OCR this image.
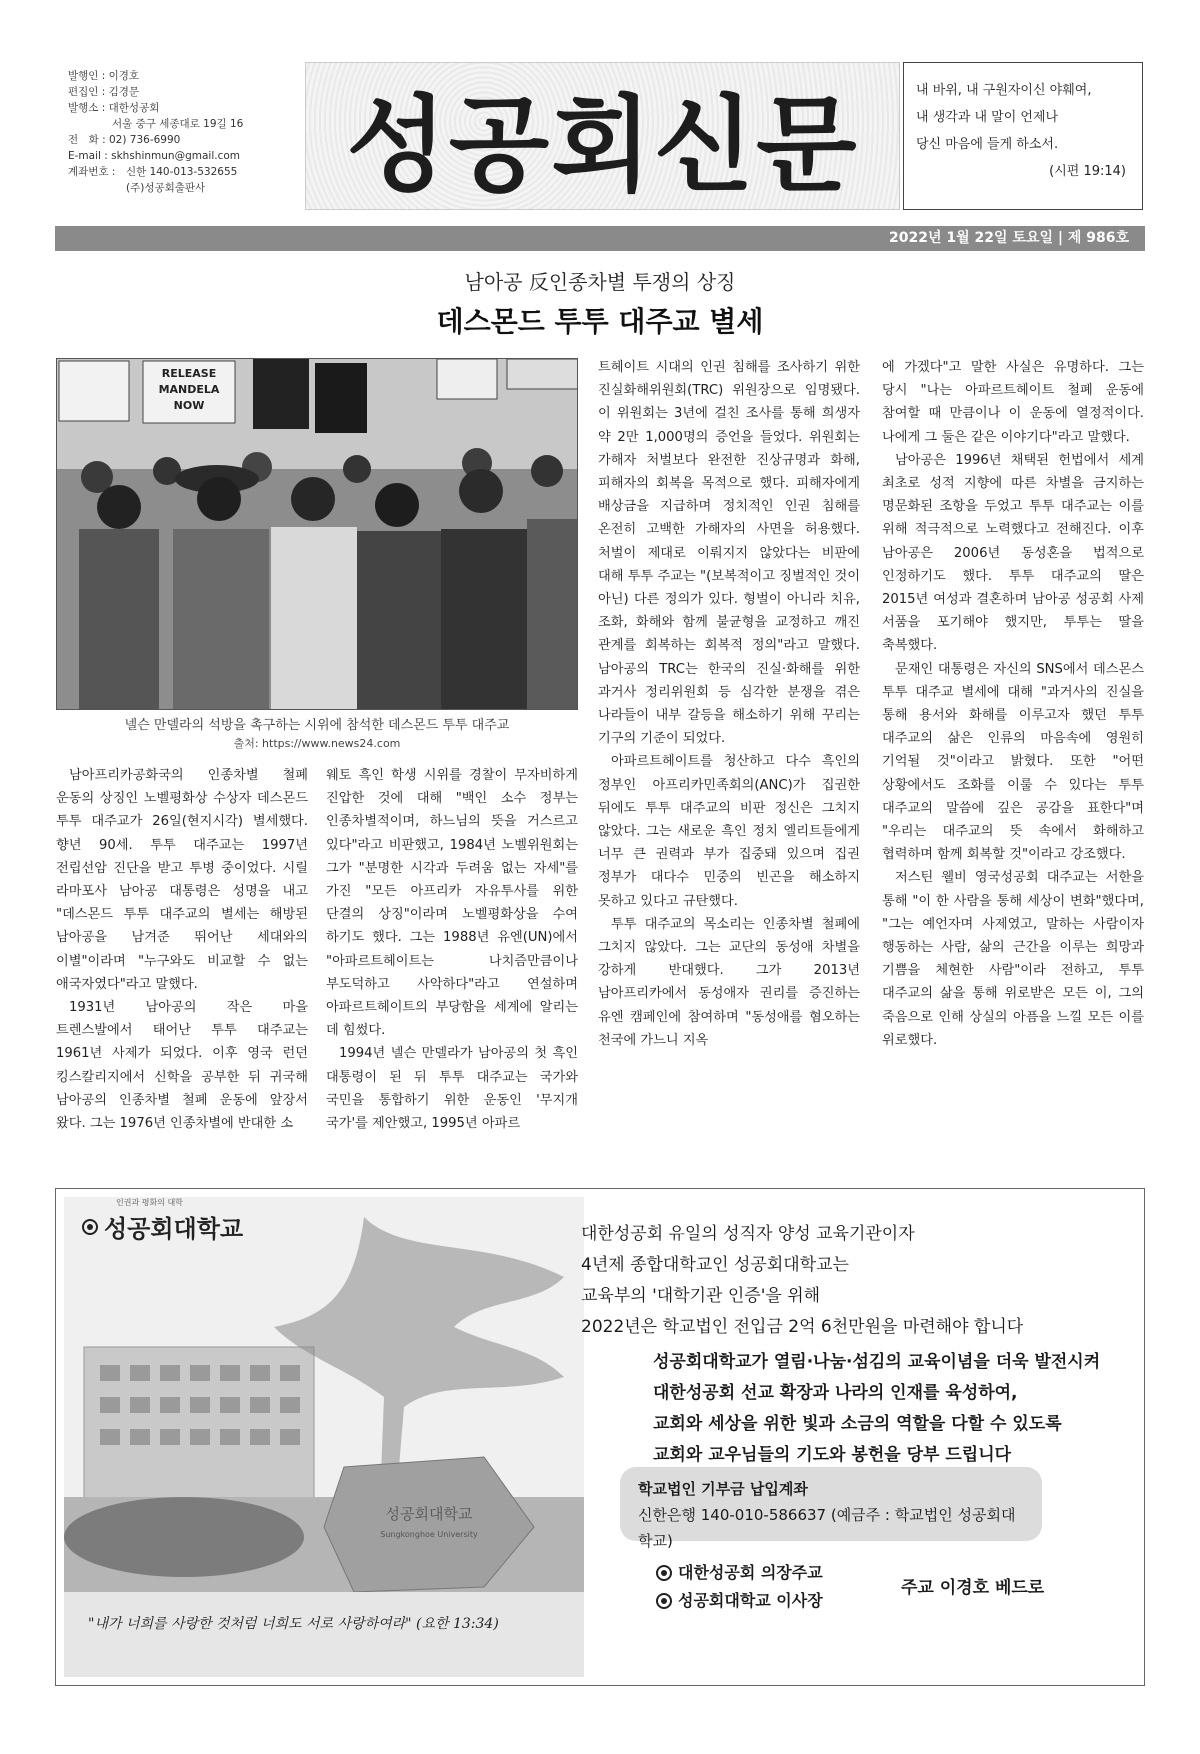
발행인 : 이경호
편집인 : 김경문
발행소 : 대한성공회
서울 중구 세종대로 19길 16
전　화 : 02) 736-6990
E-mail : skhshinmun@gmail.com
계좌번호 :　신한 140-013-532655
(주)성공회출판사	성공회신문	내 바위, 내 구원자이신 야훼여,
내 생각과 내 말이 언제나
당신 마음에 들게 하소서.
(시편 19:14)
2022년 1월 22일 토요일 | 제 986호
남아공 反인종차별 투쟁의 상징
데스몬드 투투 대주교 별세
RELEASE
MANDELA
NOW
넬슨 만델라의 석방을 촉구하는 시위에 참석한 데스몬드 투투 대주교
출처: https://www.news24.com

남아프리카공화국의 인종차별 철폐 운동의 상징인 노벨평화상 수상자 데스몬드 투투 대주교가 26일(현지시각) 별세했다. 향년 90세. 투투 대주교는 1997년 전립선암 진단을 받고 투병 중이었다. 시릴 라마포사 남아공 대통령은 성명을 내고 "데스몬드 투투 대주교의 별세는 해방된 남아공을 남겨준 뛰어난 세대와의 이별"이라며 "누구와도 비교할 수 없는 애국자였다"라고 말했다.

1931년 남아공의 작은 마을 트렌스발에서 태어난 투투 대주교는 1961년 사제가 되었다. 이후 영국 런던 킹스칼리지에서 신학을 공부한 뒤 귀국해 남아공의 인종차별 철폐 운동에 앞장서 왔다. 그는 1976년 인종차별에 반대한 소

웨토 흑인 학생 시위를 경찰이 무자비하게 진압한 것에 대해 "백인 소수 정부는 인종차별적이며, 하느님의 뜻을 거스르고 있다"라고 비판했고, 1984년 노벨위원회는 그가 "분명한 시각과 두려움 없는 자세"를 가진 "모든 아프리카 자유투사를 위한 단결의 상징"이라며 노벨평화상을 수여 하기도 했다. 그는 1988년 유엔(UN)에서 "아파르트헤이트는 나치즘만큼이나 부도덕하고 사악하다"라고 연설하며 아파르트헤이트의 부당함을 세계에 알리는 데 힘썼다.

1994년 넬슨 만델라가 남아공의 첫 흑인 대통령이 된 뒤 투투 대주교는 국가와 국민을 통합하기 위한 운동인 '무지개 국가'를 제안했고, 1995년 아파르

트헤이트 시대의 인권 침해를 조사하기 위한 진실화해위원회(TRC) 위원장으로 임명됐다. 이 위원회는 3년에 걸친 조사를 통해 희생자 약 2만 1,000명의 증언을 들었다. 위원회는 가해자 처벌보다 완전한 진상규명과 화해, 피해자의 회복을 목적으로 했다. 피해자에게 배상금을 지급하며 정치적인 인권 침해를 온전히 고백한 가해자의 사면을 허용했다. 처벌이 제대로 이뤄지지 않았다는 비판에 대해 투투 주교는 "(보복적이고 징벌적인 것이 아닌) 다른 정의가 있다. 형벌이 아니라 치유, 조화, 화해와 함께 불균형을 교정하고 깨진 관계를 회복하는 회복적 정의"라고 말했다. 남아공의 TRC는 한국의 진실·화해를 위한 과거사 정리위원회 등 심각한 분쟁을 겪은 나라들이 내부 갈등을 해소하기 위해 꾸리는 기구의 기준이 되었다.

아파르트헤이트를 청산하고 다수 흑인의 정부인 아프리카민족회의(ANC)가 집권한 뒤에도 투투 대주교의 비판 정신은 그치지 않았다. 그는 새로운 흑인 정치 엘리트들에게 너무 큰 권력과 부가 집중돼 있으며 집권 정부가 대다수 민중의 빈곤을 해소하지 못하고 있다고 규탄했다.

투투 대주교의 목소리는 인종차별 철폐에 그치지 않았다. 그는 교단의 동성애 차별을 강하게 반대했다. 그가 2013년 남아프리카에서 동성애자 권리를 증진하는 유엔 캠페인에 참여하며 "동성애를 혐오하는 천국에 가느니 지옥

에 가겠다"고 말한 사실은 유명하다. 그는 당시 "나는 아파르트헤이트 철폐 운동에 참여할 때 만큼이나 이 운동에 열정적이다. 나에게 그 둘은 같은 이야기다"라고 말했다.

남아공은 1996년 채택된 헌법에서 세계 최초로 성적 지향에 따른 차별을 금지하는 명문화된 조항을 두었고 투투 대주교는 이를 위해 적극적으로 노력했다고 전해진다. 이후 남아공은 2006년 동성혼을 법적으로 인정하기도 했다. 투투 대주교의 딸은 2015년 여성과 결혼하며 남아공 성공회 사제 서품을 포기해야 했지만, 투투는 딸을 축복했다.

문재인 대통령은 자신의 SNS에서 데스몬스 투투 대주교 별세에 대해 "과거사의 진실을 통해 용서와 화해를 이루고자 했던 투투 대주교의 삶은 인류의 마음속에 영원히 기억될 것"이라고 밝혔다. 또한 "어떤 상황에서도 조화를 이룰 수 있다는 투투 대주교의 말씀에 깊은 공감을 표한다"며 "우리는 대주교의 뜻 속에서 화해하고 협력하며 함께 회복할 것"이라고 강조했다.

저스틴 웰비 영국성공회 대주교는 서한을 통해 "이 한 사람을 통해 세상이 변화"했다며, "그는 예언자며 사제였고, 말하는 사람이자 행동하는 사람, 삶의 근간을 이루는 희망과 기쁨을 체현한 사람"이라 전하고, 투투 대주교의 삶을 통해 위로받은 모든 이, 그의 죽음으로 인해 상실의 아픔을 느낄 모든 이를 위로했다.

성공회대학교
Sungkonghoe University
성공회대학교
인권과 평화의 대학
"내가 너희를 사랑한 것처럼 너희도 서로 사랑하여라" (요한 13:34)
대한성공회 유일의 성직자 양성 교육기관이자
4년제 종합대학교인 성공회대학교는
교육부의 '대학기관 인증'을 위해
2022년은 학교법인 전입금 2억 6천만원을 마련해야 합니다
성공회대학교가 열림·나눔·섬김의 교육이념을 더욱 발전시켜
대한성공회 선교 확장과 나라의 인재를 육성하여,
교회와 세상을 위한 빛과 소금의 역할을 다할 수 있도록
교회와 교우님들의 기도와 봉헌을 당부 드립니다
학교법인 기부금 납입계좌
신한은행 140-010-586637 (예금주 : 학교법인 성공회대학교)
대한성공회 의장주교
성공회대학교 이사장
주교 이경호 베드로
